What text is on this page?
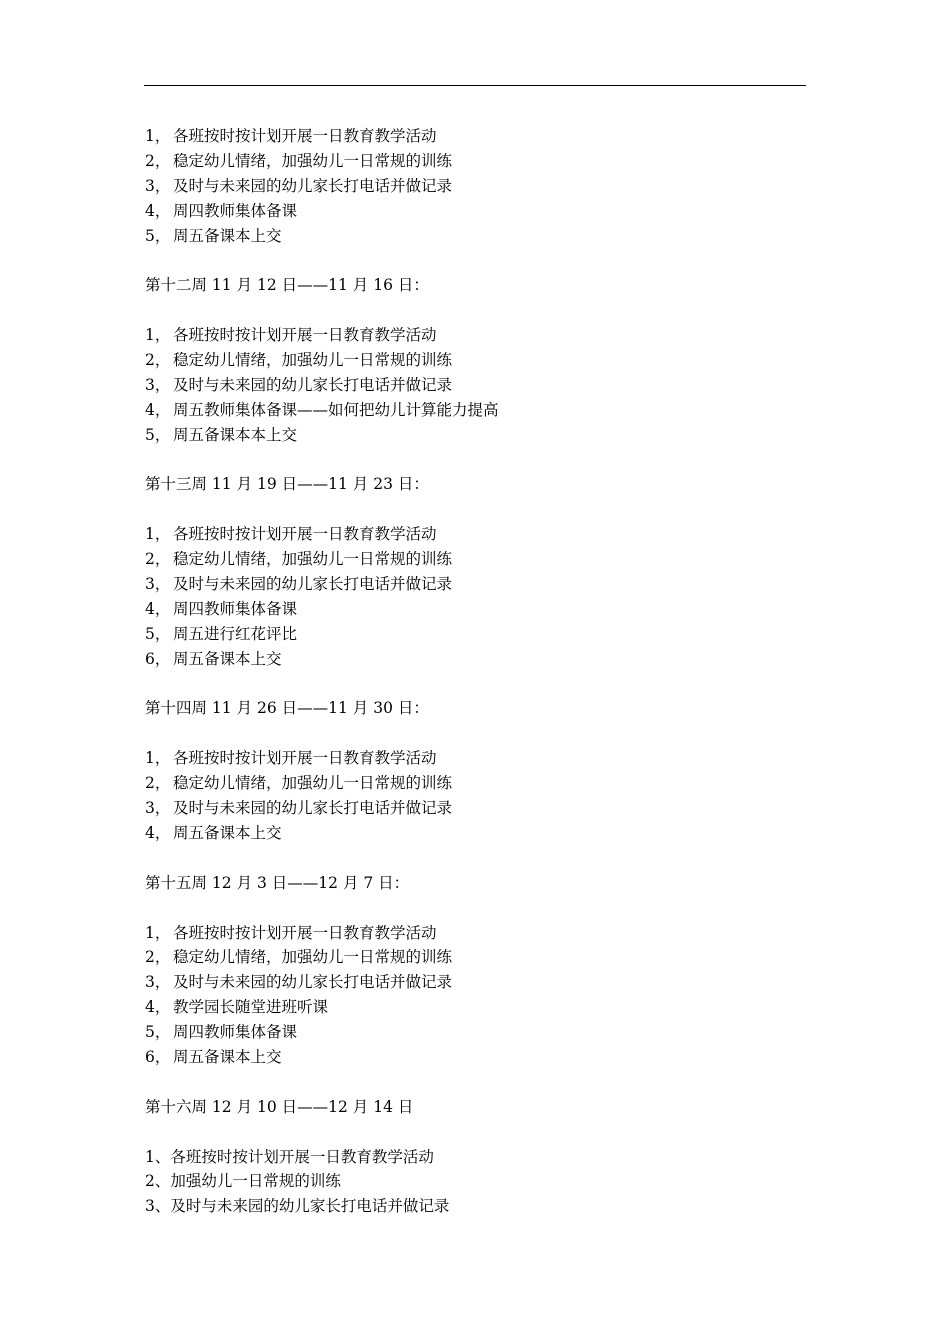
1， 各班按时按计划开展一日教育教学活动
2， 稳定幼儿情绪，加强幼儿一日常规的训练
3， 及时与未来园的幼儿家长打电话并做记录
4， 周四教师集体备课
5， 周五备课本上交
第十二周 11 月 12 日——11 月 16 日：
1， 各班按时按计划开展一日教育教学活动
2， 稳定幼儿情绪，加强幼儿一日常规的训练
3， 及时与未来园的幼儿家长打电话并做记录
4， 周五教师集体备课——如何把幼儿计算能力提高
5， 周五备课本本上交
第十三周 11 月 19 日——11 月 23 日：
1， 各班按时按计划开展一日教育教学活动
2， 稳定幼儿情绪，加强幼儿一日常规的训练
3， 及时与未来园的幼儿家长打电话并做记录
4， 周四教师集体备课
5， 周五进行红花评比
6， 周五备课本上交
第十四周 11 月 26 日——11 月 30 日：
1， 各班按时按计划开展一日教育教学活动
2， 稳定幼儿情绪，加强幼儿一日常规的训练
3， 及时与未来园的幼儿家长打电话并做记录
4， 周五备课本上交
第十五周 12 月 3 日——12 月 7 日：
1， 各班按时按计划开展一日教育教学活动
2， 稳定幼儿情绪，加强幼儿一日常规的训练
3， 及时与未来园的幼儿家长打电话并做记录
4， 教学园长随堂进班听课
5， 周四教师集体备课
6， 周五备课本上交
第十六周 12 月 10 日——12 月 14 日
1、各班按时按计划开展一日教育教学活动
2、加强幼儿一日常规的训练
3、及时与未来园的幼儿家长打电话并做记录
